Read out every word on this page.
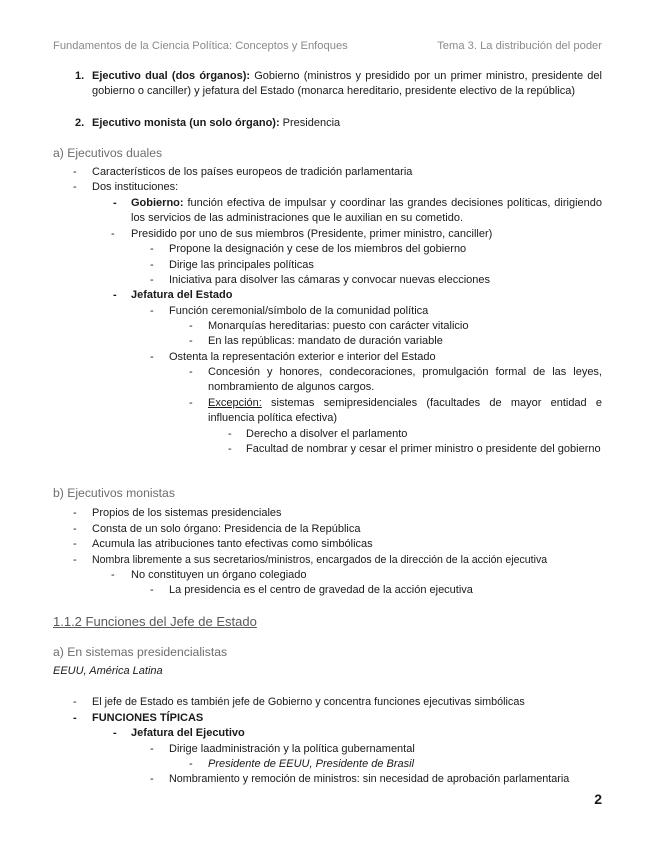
Fundamentos de la Ciencia Política: Conceptos y Enfoques	Tema 3. La distribución del poder
1. Ejecutivo dual (dos órganos): Gobierno (ministros y presidido por un primer ministro, presidente del gobierno o canciller) y jefatura del Estado (monarca hereditario, presidente electivo de la república)
2. Ejecutivo monista (un solo órgano): Presidencia
a) Ejecutivos duales
- Característicos de los países europeos de tradición parlamentaria
- Dos instituciones:
- Gobierno: función efectiva de impulsar y coordinar las grandes decisiones políticas, dirigiendo los servicios de las administraciones que le auxilian en su cometido.
- Presidido por uno de sus miembros (Presidente, primer ministro, canciller)
- Propone la designación y cese de los miembros del gobierno
- Dirige las principales políticas
- Iniciativa para disolver las cámaras y convocar nuevas elecciones
- Jefatura del Estado
- Función ceremonial/símbolo de la comunidad política
- Monarquías hereditarias: puesto con carácter vitalicio
- En las repúblicas: mandato de duración variable
- Ostenta la representación exterior e interior del Estado
- Concesión y honores, condecoraciones, promulgación formal de las leyes, nombramiento de algunos cargos.
- Excepción: sistemas semipresidenciales (facultades de mayor entidad e influencia política efectiva)
- Derecho a disolver el parlamento
- Facultad de nombrar y cesar el primer ministro o presidente del gobierno
b) Ejecutivos monistas
- Propios de los sistemas presidenciales
- Consta de un solo órgano: Presidencia de la República
- Acumula las atribuciones tanto efectivas como simbólicas
- Nombra libremente a sus secretarios/ministros, encargados de la dirección de la acción ejecutiva
- No constituyen un órgano colegiado
- La presidencia es el centro de gravedad de la acción ejecutiva
1.1.2 Funciones del Jefe de Estado
a) En sistemas presidencialistas
EEUU, América Latina
- El jefe de Estado es también jefe de Gobierno y concentra funciones ejecutivas simbólicas
- FUNCIONES TÍPICAS
- Jefatura del Ejecutivo
- Dirige laadministración y la política gubernamental
- Presidente de EEUU, Presidente de Brasil
- Nombramiento y remoción de ministros: sin necesidad de aprobación parlamentaria
2
